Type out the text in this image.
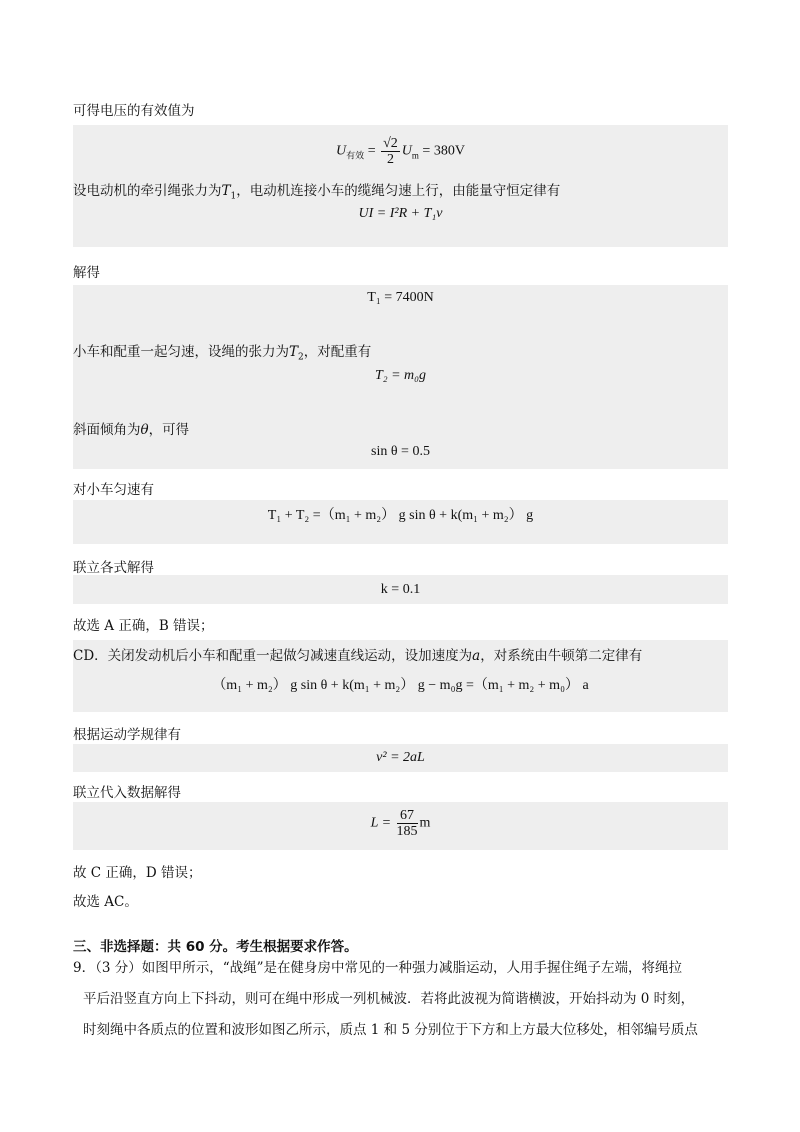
可得电压的有效值为
$U_{有效} = \frac{√2}{2} U_m = 380V$
设电动机的牵引绳张力为$T_1$，电动机连接小车的缆绳匀速上行，由能量守恒定律有
UI = I²R + T₁v
解得
T₁ = 7400N
小车和配重一起匀速，设绳的张力为$T_2$，对配重有
T₂ = m₀g
斜面倾角为θ，可得
sin θ = 0.5
对小车匀速有
T₁ + T₂ =（m₁ + m₂） g sin θ + k(m₁ + m₂） g
联立各式解得
k = 0.1
故选 A 正确，B 错误；
CD．关闭发动机后小车和配重一起做匀减速直线运动，设加速度为a，对系统由牛顿第二定律有
（m₁ + m₂） g sin θ + k(m₁ + m₂） g − m₀g =（m₁ + m₂ + m₀） a
根据运动学规律有
v² = 2aL
联立代入数据解得
$L = \frac{67}{185}$ m
故 C 正确，D 错误；
故选 AC。
三、非选择题：共 60 分。考生根据要求作答。
9．（3 分）如图甲所示，“战绳”是在健身房中常见的一种强力减脂运动，人用手握住绳子左端，将绳拉
平后沿竖直方向上下抖动，则可在绳中形成一列机械波．若将此波视为简谐横波，开始抖动为 0 时刻，
时刻绳中各质点的位置和波形如图乙所示，质点 1 和 5 分别位于下方和上方最大位移处，相邻编号质点
